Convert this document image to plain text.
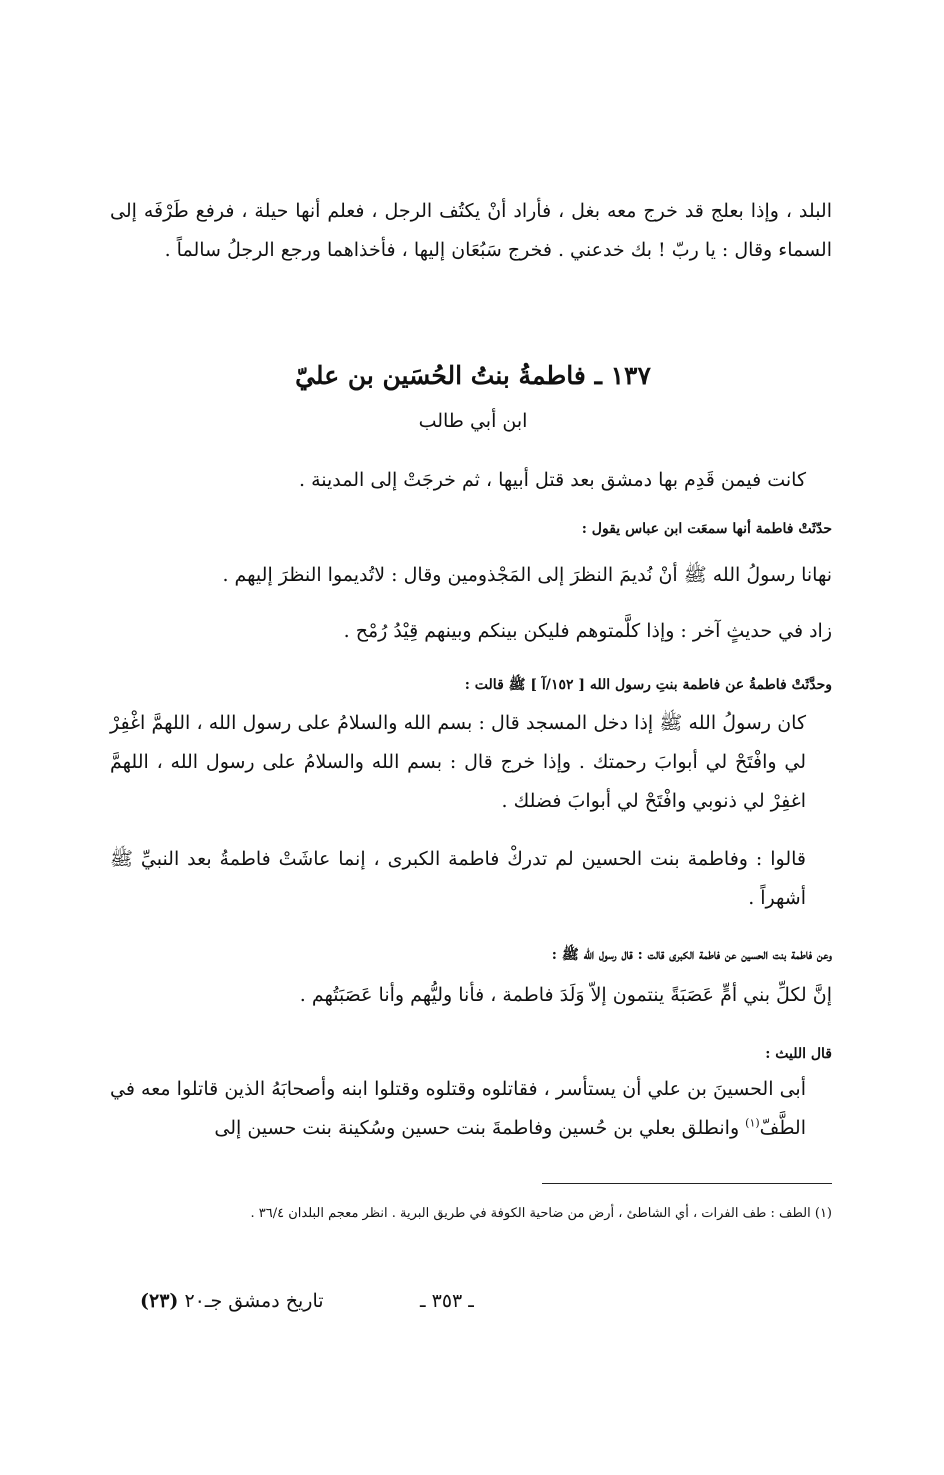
البلد ، وإذا بعلج قد خرج معه بغل ، فأراد أنْ يكتُف الرجل ، فعلم أنها حيلة ، فرفع طَرْفَه إلى السماء وقال : يا ربّ ! بك خدعني . فخرج سَبُعَان إليها ، فأخذاهما ورجع الرجلُ سالماً .

١٣٧ ـ فاطمةُ بنتُ الحُسَين بن عليّ
ابن أبي طالب

كانت فيمن قَدِم بها دمشق بعد قتل أبيها ، ثم خرجَتْ إلى المدينة .

حدّثَتْ فاطمة أنها سمعَت ابن عباس يقول :

نهانا رسولُ الله ﷺ أنْ نُديمَ النظرَ إلى المَجْذومين وقال : لاتُديموا النظرَ إليهم .

زاد في حديثٍ آخر : وإذا كلَّمتوهم فليكن بينكم وبينهم قِيْدُ رُمْح .

وحدَّثَتْ فاطمةُ عن فاطمة بنتِ رسول الله [ ١٥٢/آ ] ﷺ قالت :

كان رسولُ الله ﷺ إذا دخل المسجد قال : بسم الله والسلامُ على رسول الله ، اللهمَّ اغْفِرْ لي وافْتَحْ لي أبوابَ رحمتك . وإذا خرج قال : بسم الله والسلامُ على رسول الله ، اللهمَّ اغفِرْ لي ذنوبي وافْتَحْ لي أبوابَ فضلك .

قالوا : وفاطمة بنت الحسين لم تدركْ فاطمة الكبرى ، إنما عاشَتْ فاطمةُ بعد النبيِّ ﷺ أشهراً .

وعن فاطمة بنت الحسين عن فاطمة الكبرى قالت : قال رسول الله ﷺ :

إنَّ لكلِّ بني أمٍّ عَصَبَةً ينتمون إلاّ وَلَدَ فاطمة ، فأنا وليُّهم وأنا عَصَبَتُهم .

قال الليث :

أبى الحسينَ بن علي أن يستأسر ، فقاتلوه وقتلوه وقتلوا ابنه وأصحابَهُ الذين قاتلوا معه في الطَّفّ$^{(١)}$ وانطلق بعلي بن حُسين وفاطمةَ بنت حسين وسُكينة بنت حسين إلى

(١) الطف : طف الفرات ، أي الشاطئ ، أرض من ضاحية الكوفة في طريق البرية . انظر معجم البلدان ٣٦/٤ .

ـ ٣٥٣ ـ
تاريخ دمشق جـ٢٠ (٢٣)
